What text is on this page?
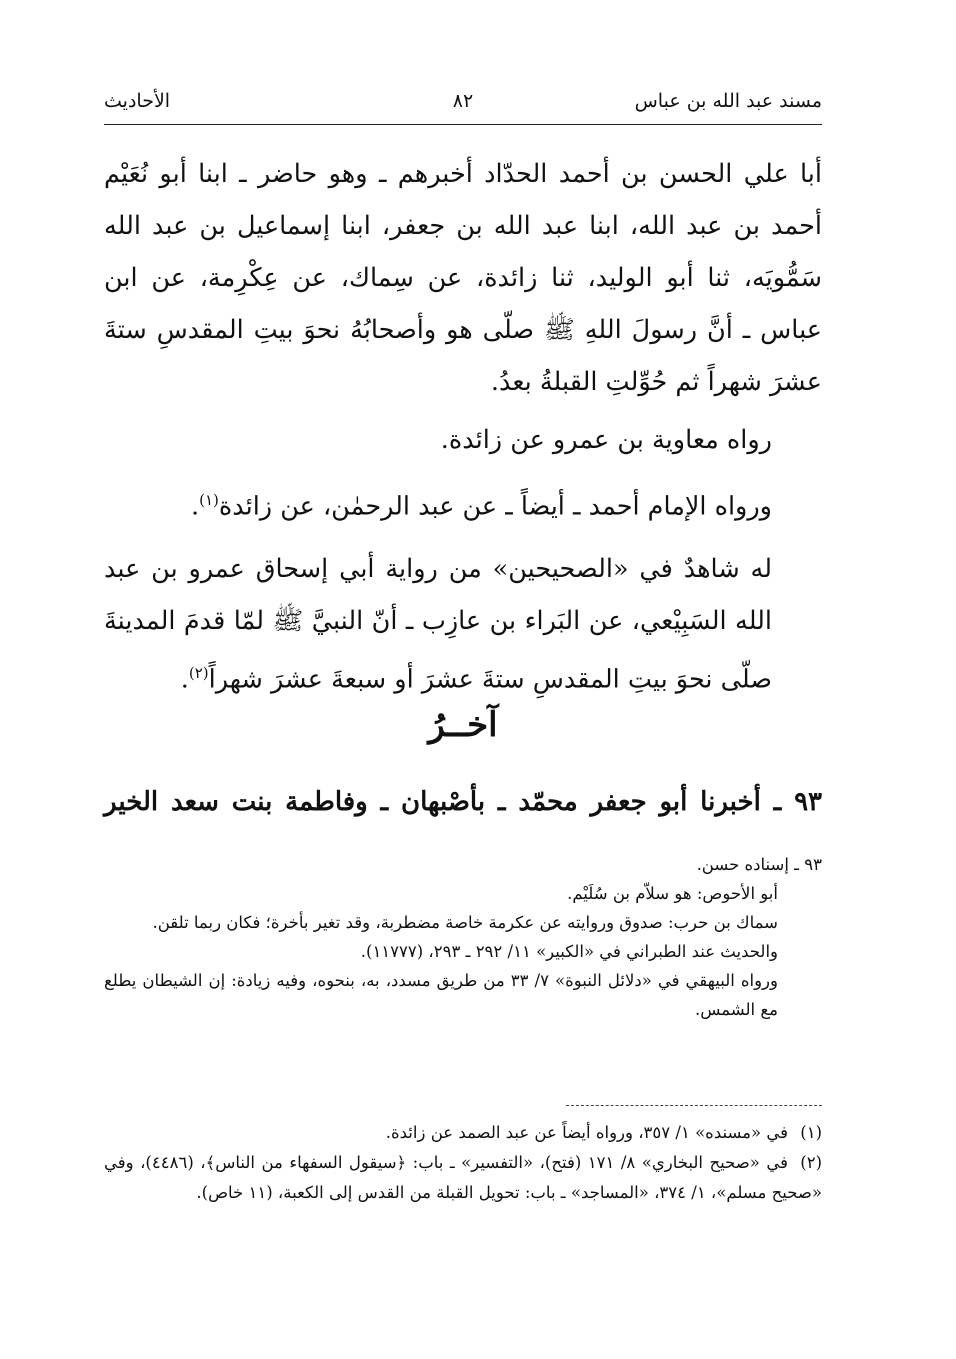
مسند عبد الله بن عباس
٨٢
الأحاديث

أبا علي الحسن بن أحمد الحدّاد أخبرهم ـ وهو حاضر ـ ابنا أبو نُعَيْم أحمد بن عبد الله، ابنا عبد الله بن جعفر، ابنا إسماعيل بن عبد الله سَمُّويَه، ثنا أبو الوليد، ثنا زائدة، عن سِماك، عن عِكْرِمة، عن ابن عباس ـ أنَّ رسولَ اللهِ ﷺ صلّى هو وأصحابُهُ نحوَ بيتِ المقدسِ ستةَ عشرَ شهراً ثم حُوِّلتِ القبلةُ بعدُ.

رواه معاوية بن عمرو عن زائدة.

ورواه الإمام أحمد ـ أيضاً ـ عن عبد الرحمٰن، عن زائدة$^{(١)}$.

له شاهدٌ في «الصحيحين» من رواية أبي إسحاق عمرو بن عبد الله السَبِيْعي، عن البَراء بن عازِب ـ أنّ النبيَّ ﷺ لمّا قدمَ المدينةَ صلّى نحوَ بيتِ المقدسِ ستةَ عشرَ أو سبعةَ عشرَ شهراً$^{(٢)}$.

آخــرُ
٩٣ ـ أخبرنا أبو جعفر محمّد ـ بأصْبهان ـ وفاطمة بنت سعد الخير

٩٣ ـ إسناده حسن.

أبو الأحوص: هو سلاّم بن سُلَيْم.

سماك بن حرب: صدوق وروايته عن عكرمة خاصة مضطربة، وقد تغير بأخرة؛ فكان ربما تلقن.

والحديث عند الطبراني في «الكبير» ١١/ ٢٩٢ ـ ٢٩٣، (١١٧٧٧).

ورواه البيهقي في «دلائل النبوة» ٧/ ٣٣ من طريق مسدد، به، بنحوه، وفيه زيادة: إن الشيطان يطلع مع الشمس.

(١)في «مسنده» ١/ ٣٥٧، ورواه أيضاً عن عبد الصمد عن زائدة.

(٢)في «صحيح البخاري» ٨/ ١٧١ (فتح)، «التفسير» ـ باب: ﴿سيقول السفهاء من الناس﴾، (٤٤٨٦)، وفي «صحيح مسلم»، ١/ ٣٧٤، «المساجد» ـ باب: تحويل القبلة من القدس إلى الكعبة، (١١ خاص).
